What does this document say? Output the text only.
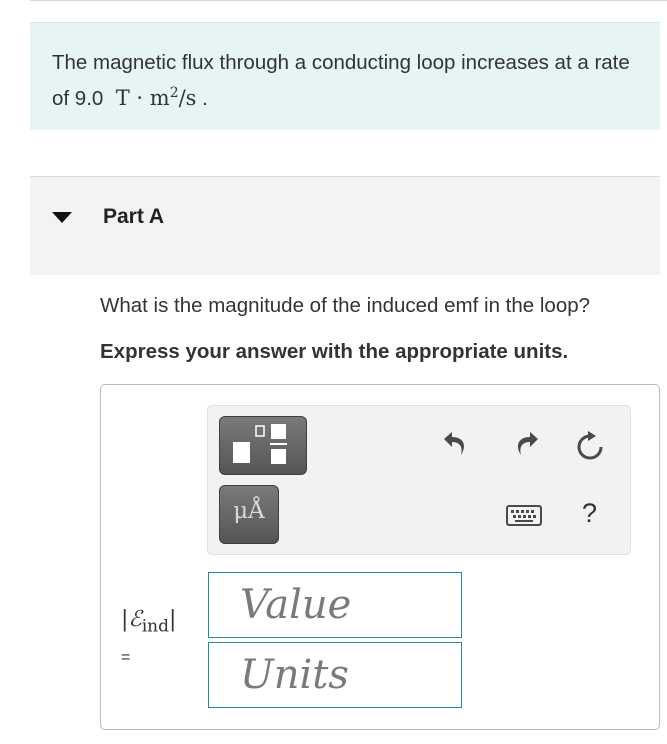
The magnetic flux through a conducting loop increases at a rate of 9.0 $T \cdot m^2/s$ .
Part A
What is the magnitude of the induced emf in the loop?
Express your answer with the appropriate units.
μÅ	?
|ℰ$_{ind}$|
=
Value
Units
